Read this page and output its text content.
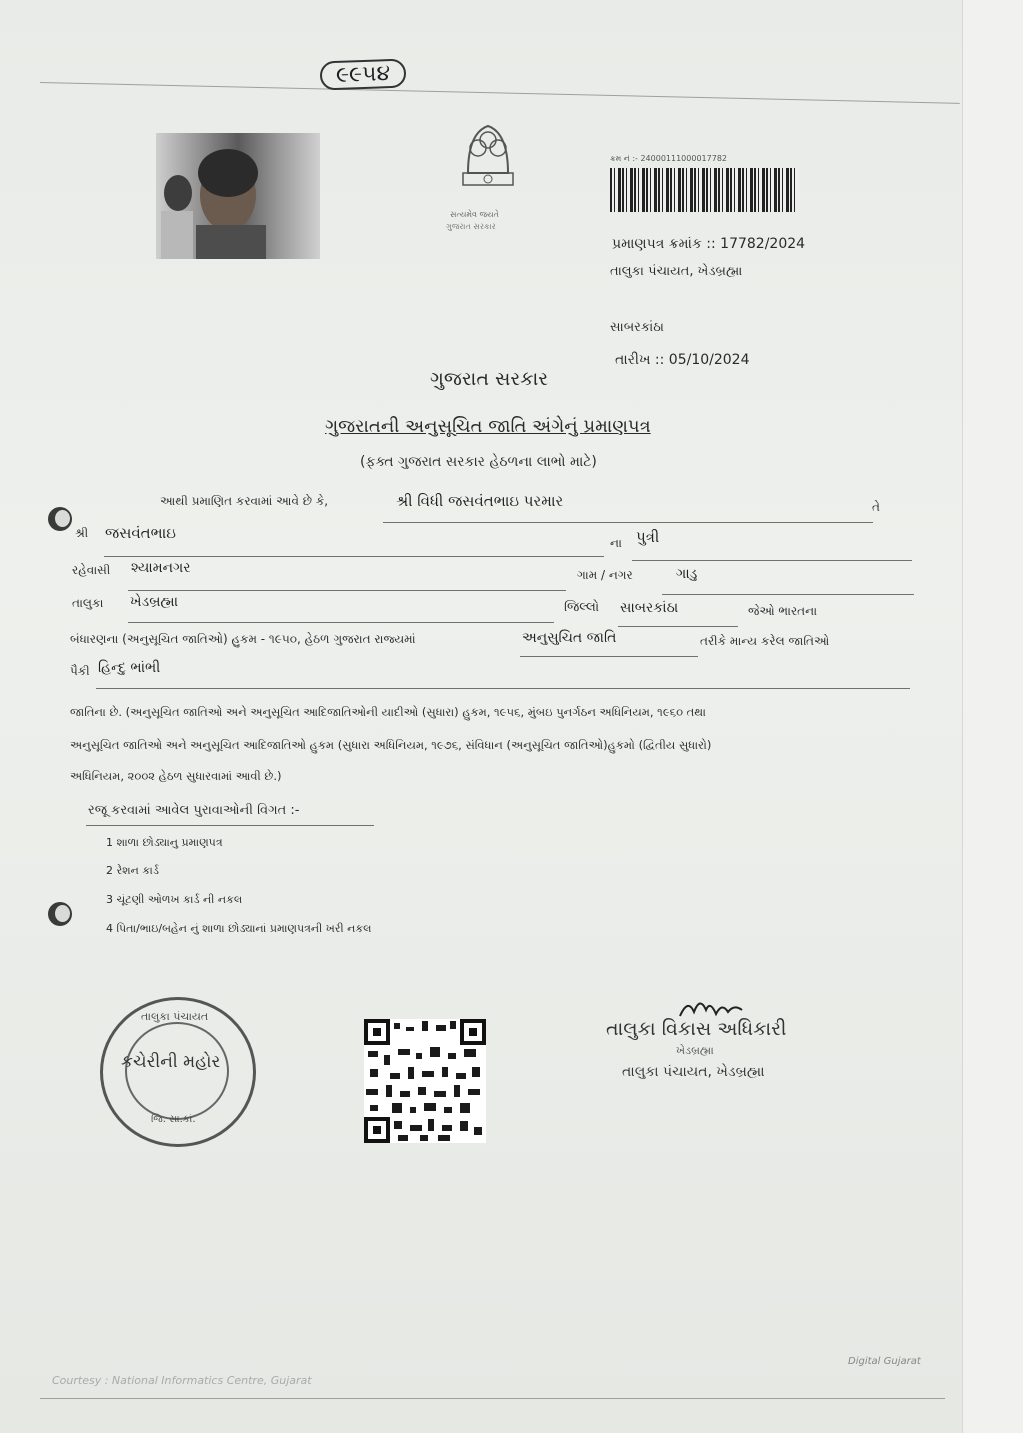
૯૯૫૪
સત્યમેવ જયતે
ગુજરાત સરકાર
ક્રમ નં :- 24000111000017782
પ્રમાણપત્ર ક્રમાંક :: 17782/2024
તાલુકા પંચાયત, ખેડબ્રહ્મા
સાબરકાંઠા
તારીખ :: 05/10/2024
ગુજરાત સરકાર
ગુજરાતની અનુસૂચિત જાતિ અંગેનું પ્રમાણપત્ર
(ફક્ત ગુજરાત સરકાર હેઠળના લાભો માટે)
આથી પ્રમાણિત કરવામાં આવે છે કે,	શ્રી વિધી જસવંતભાઇ પરમાર	તે
શ્રી જસવંતભાઇ
ના પુત્રી
રહેવાસી શ્યામનગર	ગામ / નગર	ગાડુ
તાલુકા ખેડબ્રહ્મા	જિલ્લો સાબરકાંઠા	જેઓ ભારતના
બંધારણના (અનુસૂચિત જાતિઓ) હુકમ - ૧૯૫૦, હેઠળ ગુજરાત રાજ્યમાં	અનુસુચિત જાતિ	તરીકે માન્ય કરેલ જાતિઓ
પૈકી હિન્દુ ભાંભી
જાતિના છે. (અનુસૂચિત જાતિઓ અને અનુસૂચિત આદિજાતિઓની યાદીઓ (સુધારા) હુકમ, ૧૯૫૬, મુંબઇ પુનર્ગઠન અધિનિયમ, ૧૯૬૦ તથા
અનુસૂચિત જાતિઓ અને અનુસૂચિત આદિજાતિઓ હુકમ (સુધારા અધિનિયમ, ૧૯૭૬, સંવિધાન (અનુસૂચિત જાતિઓ)હુકમો (દ્વિતીય સુધારો)
અધિનિયમ, ૨૦૦૨ હેઠળ સુધારવામાં આવી છે.)
રજૂ કરવામાં આવેલ પુરાવાઓની વિગત :-
1 શાળા છોડ્યાનુ પ્રમાણપત્ર
2 રેશન કાર્ડ
3 ચૂંટણી ઓળખ કાર્ડ ની નકલ
4 પિતા/ભાઇ/બહેન નું શાળા છોડ્યાનાં પ્રમાણપત્રની ખરી નકલ
તાલુકા પંચાયત
કચેરીની મહોર
જિ. સા.કાં.
તાલુકા વિકાસ અધિકારી
ખેડબ્રહ્મા
તાલુકા પંચાયત, ખેડબ્રહ્મા
Courtesy : National Informatics Centre, Gujarat
Digital Gujarat
